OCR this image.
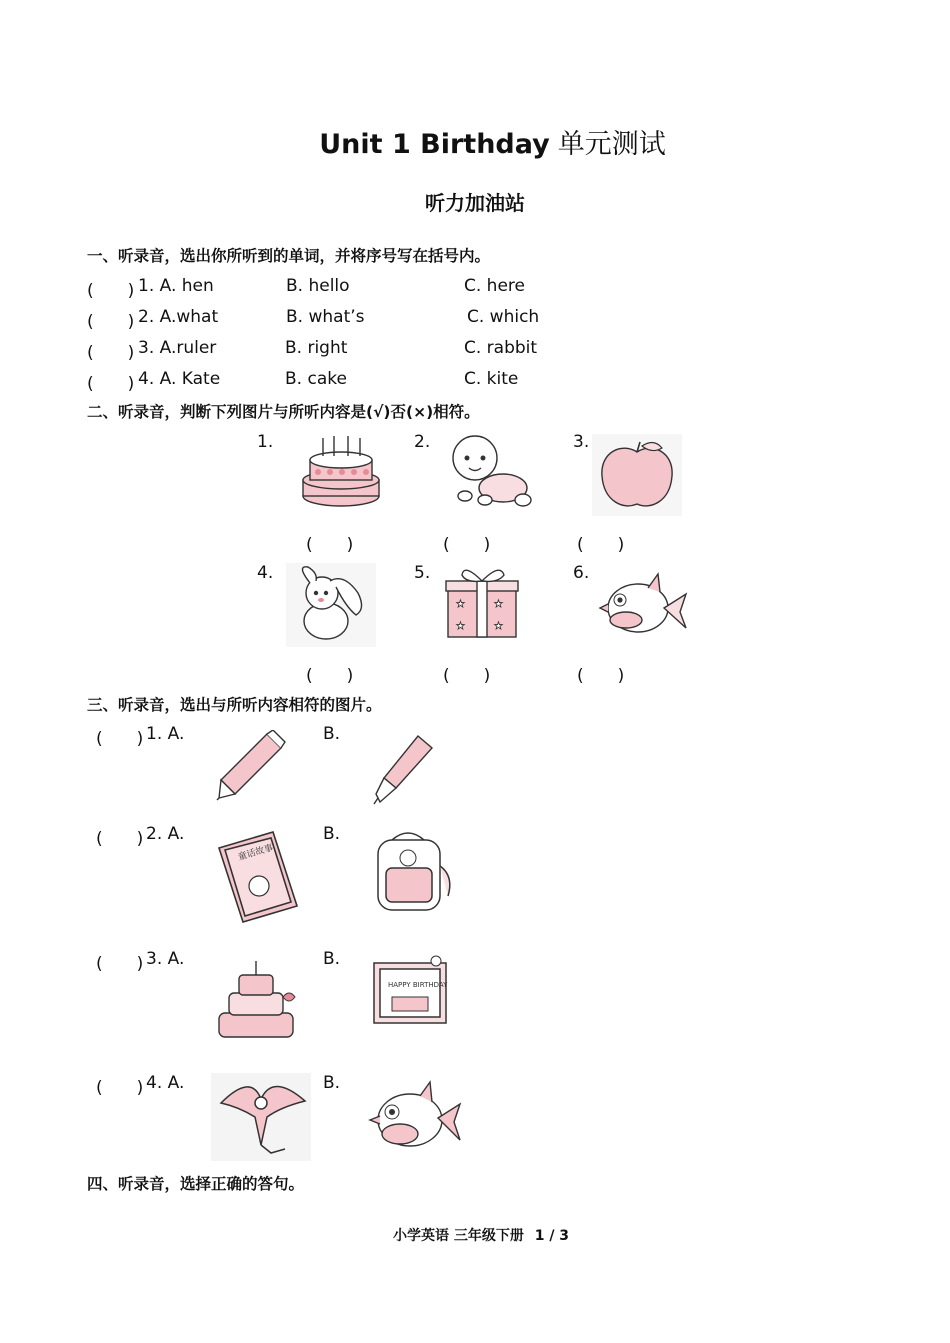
Unit 1 Birthday 单元测试
听力加油站
一、听录音，选出你所听到的单词，并将序号写在括号内。
(　　) 1. A. hen	B. hello	C. here
(　　) 2. A.what	B. what’s	C. which
(　　) 3. A.ruler	B. right	C. rabbit
(　　) 4. A. Kate	B. cake	C. kite
二、听录音，判断下列图片与所听内容是(√)否(×)相符。
1.
(　　)
2.
(　　)
3.
(　　)
4.
(　　)
5.
★	★
★	★
(　　)
6.
(　　)
三、听录音，选出与所听内容相符的图片。
(　　) 1. A.	B.
(　　) 2. A.	B.
童话故事
(　　) 3. A.	B.
HAPPY BIRTHDAY
(　　) 4. A.	B.
四、听录音，选择正确的答句。
小学英语 三年级下册 1 / 3
